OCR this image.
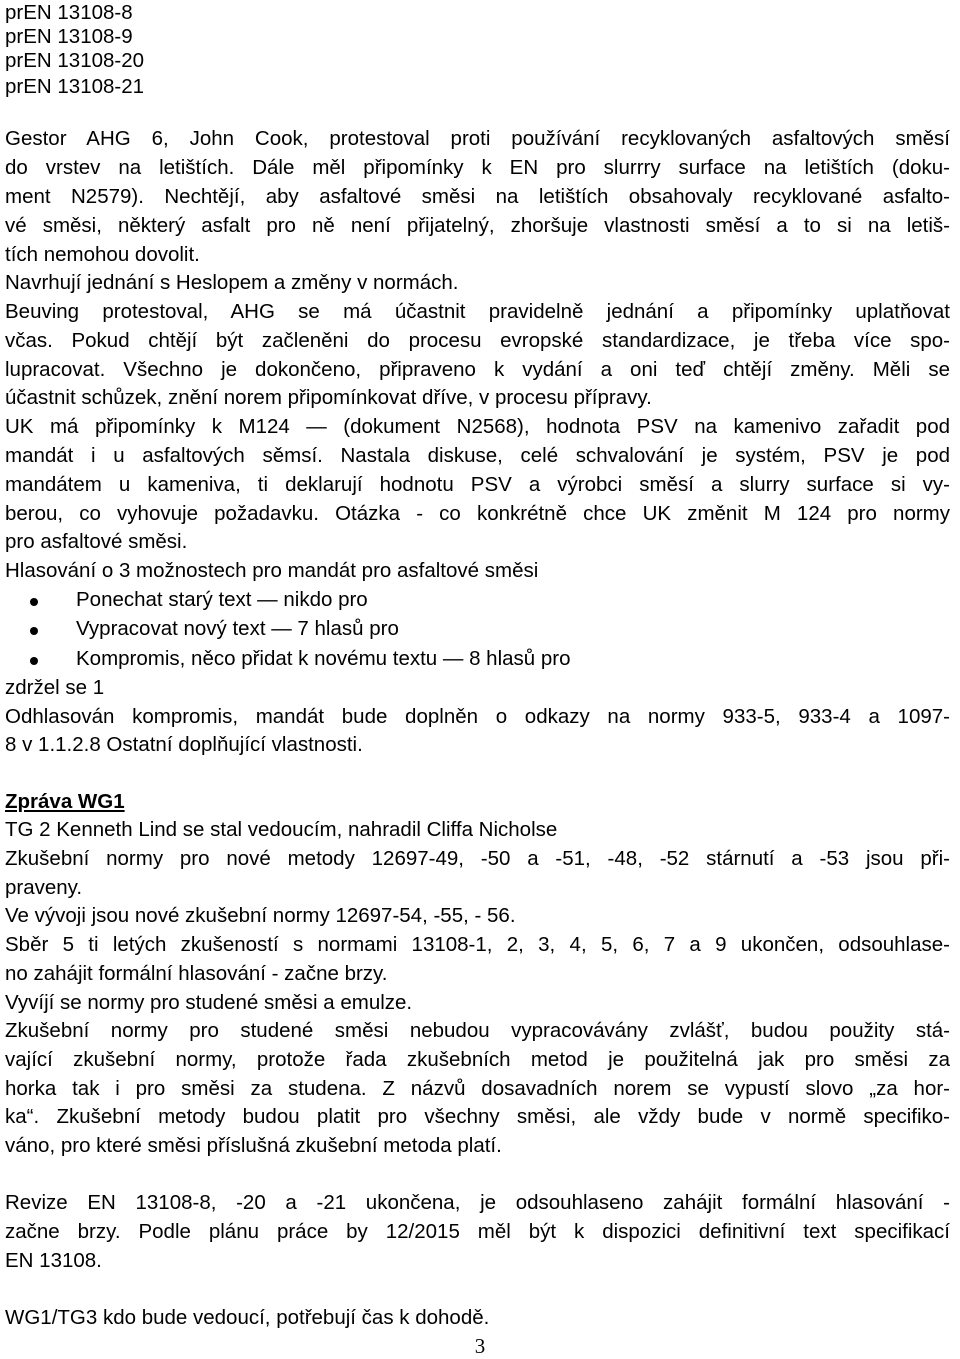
prEN 13108-8
prEN 13108-9
prEN 13108-20
prEN 13108-21
Gestor AHG 6, John Cook, protestoval proti používání recyklovaných asfaltových směsí
do vrstev na letištích. Dále měl připomínky k EN pro slurrry surface na letištích (doku-
ment N2579). Nechtějí, aby asfaltové směsi na letištích obsahovaly recyklované asfalto-
vé směsi, některý asfalt pro ně není přijatelný, zhoršuje vlastnosti směsí a to si na letiš-
tích nemohou dovolit.
Navrhují jednání s Heslopem a změny v normách.
Beuving protestoval, AHG se má účastnit pravidelně jednání a připomínky uplatňovat
včas. Pokud chtějí být začleněni do procesu evropské standardizace, je třeba více spo-
lupracovat. Všechno je dokončeno, připraveno k vydání a oni teď chtějí změny. Měli se
účastnit schůzek, znění norem připomínkovat dříve, v procesu přípravy.
UK má připomínky k M124 — (dokument N2568), hodnota PSV na kamenivo zařadit pod
mandát i u asfaltových sěmsí. Nastala diskuse, celé schvalování je systém, PSV je pod
mandátem u kameniva, ti deklarují hodnotu PSV a výrobci směsí a slurry surface si vy-
berou, co vyhovuje požadavku. Otázka - co konkrétně chce UK změnit M 124 pro normy
pro asfaltové směsi.
Hlasování o 3 možnostech pro mandát pro asfaltové směsi
Ponechat starý text — nikdo pro
Vypracovat nový text — 7 hlasů pro
Kompromis, něco přidat k novému textu — 8 hlasů pro
zdržel se 1
Odhlasován kompromis, mandát bude doplněn o odkazy na normy 933-5, 933-4 a 1097-
8 v 1.1.2.8 Ostatní doplňující vlastnosti.
Zpráva WG1
TG 2 Kenneth Lind se stal vedoucím, nahradil Cliffa Nicholse
Zkušební normy pro nové metody 12697-49, -50 a -51, -48, -52 stárnutí a -53 jsou při-
praveny.
Ve vývoji jsou nové zkušební normy 12697-54, -55, - 56.
Sběr 5 ti letých zkušeností s normami 13108-1, 2, 3, 4, 5, 6, 7 a 9 ukončen, odsouhlase-
no zahájit formální hlasování - začne brzy.
Vyvíjí se normy pro studené směsi a emulze.
Zkušební normy pro studené směsi nebudou vypracovávány zvlášť, budou použity stá-
vající zkušební normy, protože řada zkušebních metod je použitelná jak pro směsi za
horka tak i pro směsi za studena. Z názvů dosavadních norem se vypustí slovo „za hor-
ka“. Zkušební metody budou platit pro všechny směsi, ale vždy bude v normě specifiko-
váno, pro které směsi příslušná zkušební metoda platí.
Revize EN 13108-8, -20 a -21 ukončena, je odsouhlaseno zahájit formální hlasování -
začne brzy. Podle plánu práce by 12/2015 měl být k dispozici definitivní text specifikací
EN 13108.
WG1/TG3 kdo bude vedoucí, potřebují čas k dohodě.
3
